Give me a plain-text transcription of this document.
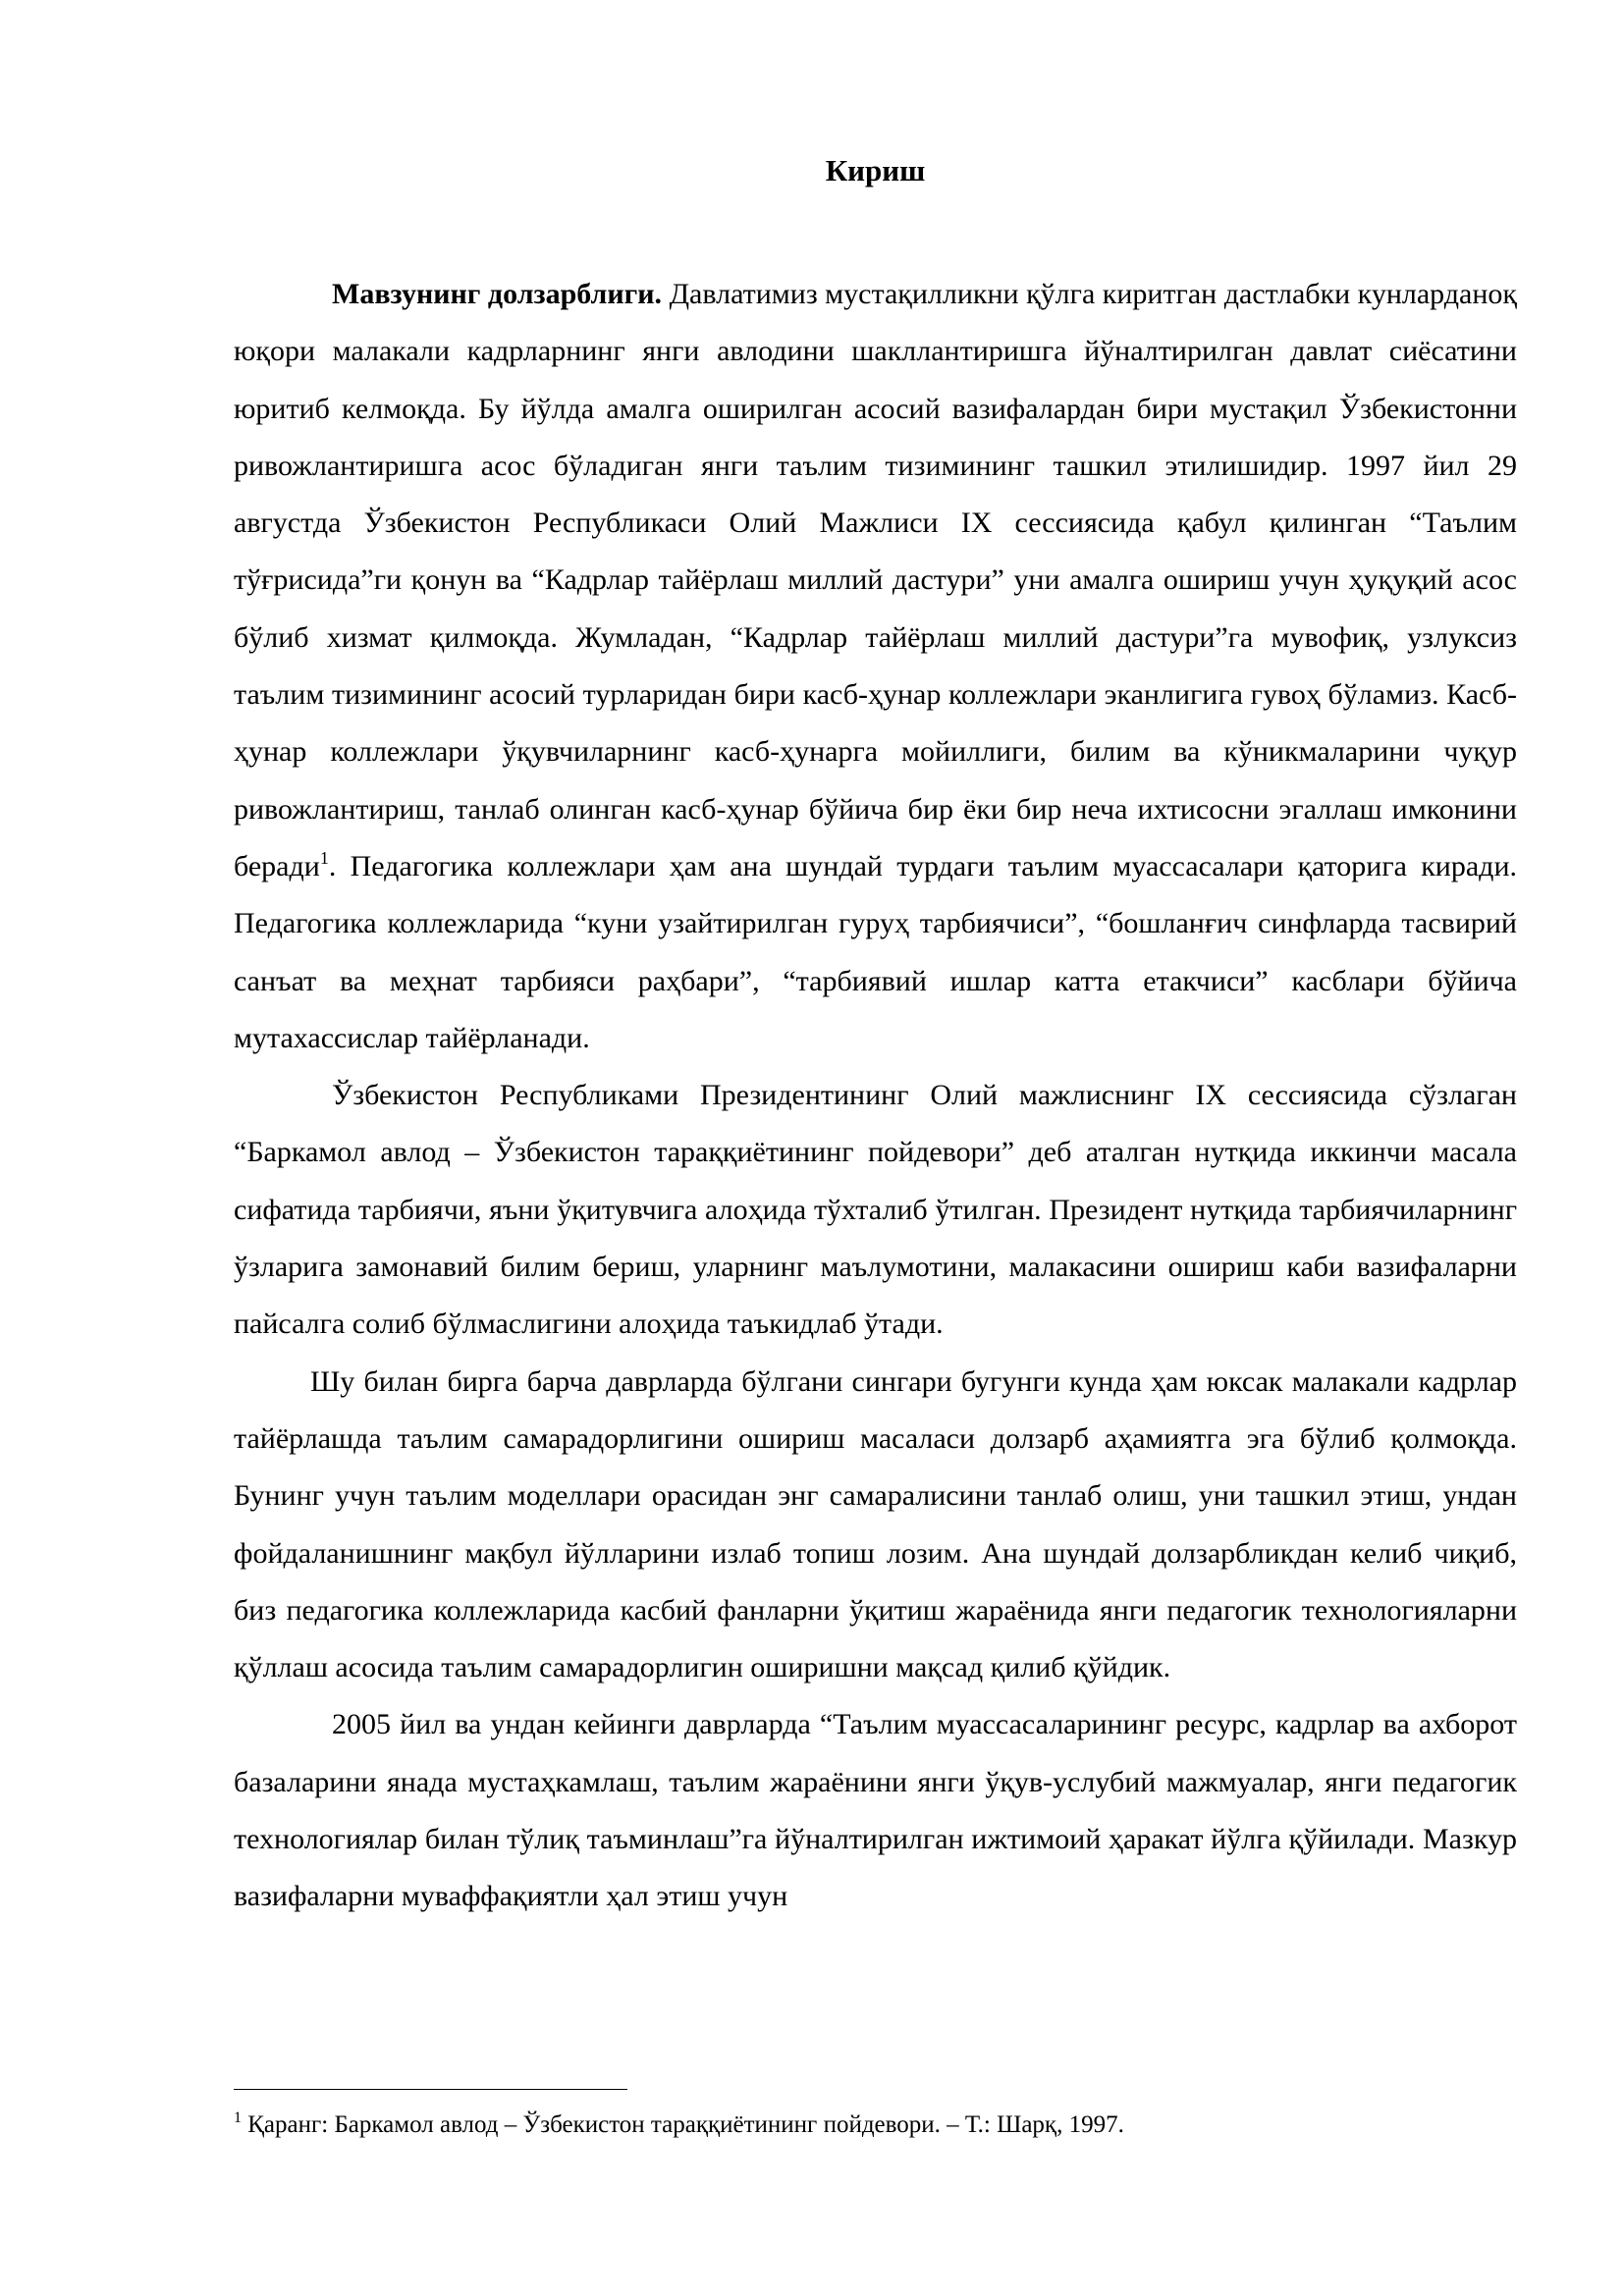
Кириш

Мавзунинг долзарблиги. Давлатимиз мустақилликни қўлга киритган дастлабки кунларданоқ юқори малакали кадрларнинг янги авлодини шакллантиришга йўналтирилган давлат сиёсатини юритиб келмоқда. Бу йўлда амалга оширилган асосий вазифалардан бири мустақил Ўзбекистонни ривожлантиришга асос бўладиган янги таълим тизимининг ташкил этилишидир. 1997 йил 29 августда Ўзбекистон Республикаси Олий Мажлиси IX сессиясида қабул қилинган “Таълим тўғрисида”ги қонун ва “Кадрлар тайёрлаш миллий дастури” уни амалга ошириш учун ҳуқуқий асос бўлиб хизмат қилмоқда. Жумладан, “Кадрлар тайёрлаш миллий дастури”га мувофиқ, узлуксиз таълим тизимининг асосий турларидан бири касб-ҳунар коллежлари эканлигига гувоҳ бўламиз. Касб-ҳунар коллежлари ўқувчиларнинг касб-ҳунарга мойиллиги, билим ва кўникмаларини чуқур ривожлантириш, танлаб олинган касб-ҳунар бўйича бир ёки бир неча ихтисосни эгаллаш имконини беради$^1$. Педагогика коллежлари ҳам ана шундай турдаги таълим муассасалари қаторига киради. Педагогика коллежларида “куни узайтирилган гуруҳ тарбиячиси”, “бошланғич синфларда тасвирий санъат ва меҳнат тарбияси раҳбари”, “тарбиявий ишлар катта етакчиси” касблари бўйича мутахассислар тайёрланади.

Ўзбекистон Республиками Президентининг Олий мажлиснинг IX сессиясида сўзлаган “Баркамол авлод – Ўзбекистон тараққиётининг пойдевори” деб аталган нутқида иккинчи масала сифатида тарбиячи, яъни ўқитувчига алоҳида тўхталиб ўтилган. Президент нутқида тарбиячиларнинг ўзларига замонавий билим бериш, уларнинг маълумотини, малакасини ошириш каби вазифаларни пайсалга солиб бўлмаслигини алоҳида таъкидлаб ўтади.

Шу билан бирга барча даврларда бўлгани сингари бугунги кунда ҳам юксак малакали кадрлар тайёрлашда таълим самарадорлигини ошириш масаласи долзарб аҳамиятга эга бўлиб қолмоқда. Бунинг учун таълим моделлари орасидан энг самаралисини танлаб олиш, уни ташкил этиш, ундан фойдаланишнинг мақбул йўлларини излаб топиш лозим. Ана шундай долзарбликдан келиб чиқиб, биз педагогика коллежларида касбий фанларни ўқитиш жараёнида янги педагогик технологияларни қўллаш асосида таълим самарадорлигин оширишни мақсад қилиб қўйдик.

2005 йил ва ундан кейинги даврларда “Таълим муассасаларининг ресурс, кадрлар ва ахборот базаларини янада мустаҳкамлаш, таълим жараёнини янги ўқув-услубий мажмуалар, янги педагогик технологиялар билан тўлиқ таъминлаш”га йўналтирилган ижтимоий ҳаракат йўлга қўйилади. Мазкур вазифаларни муваффақиятли ҳал этиш учун

$^1$ Қаранг: Баркамол авлод – Ўзбекистон тараққиётининг пойдевори. – Т.: Шарқ, 1997.
